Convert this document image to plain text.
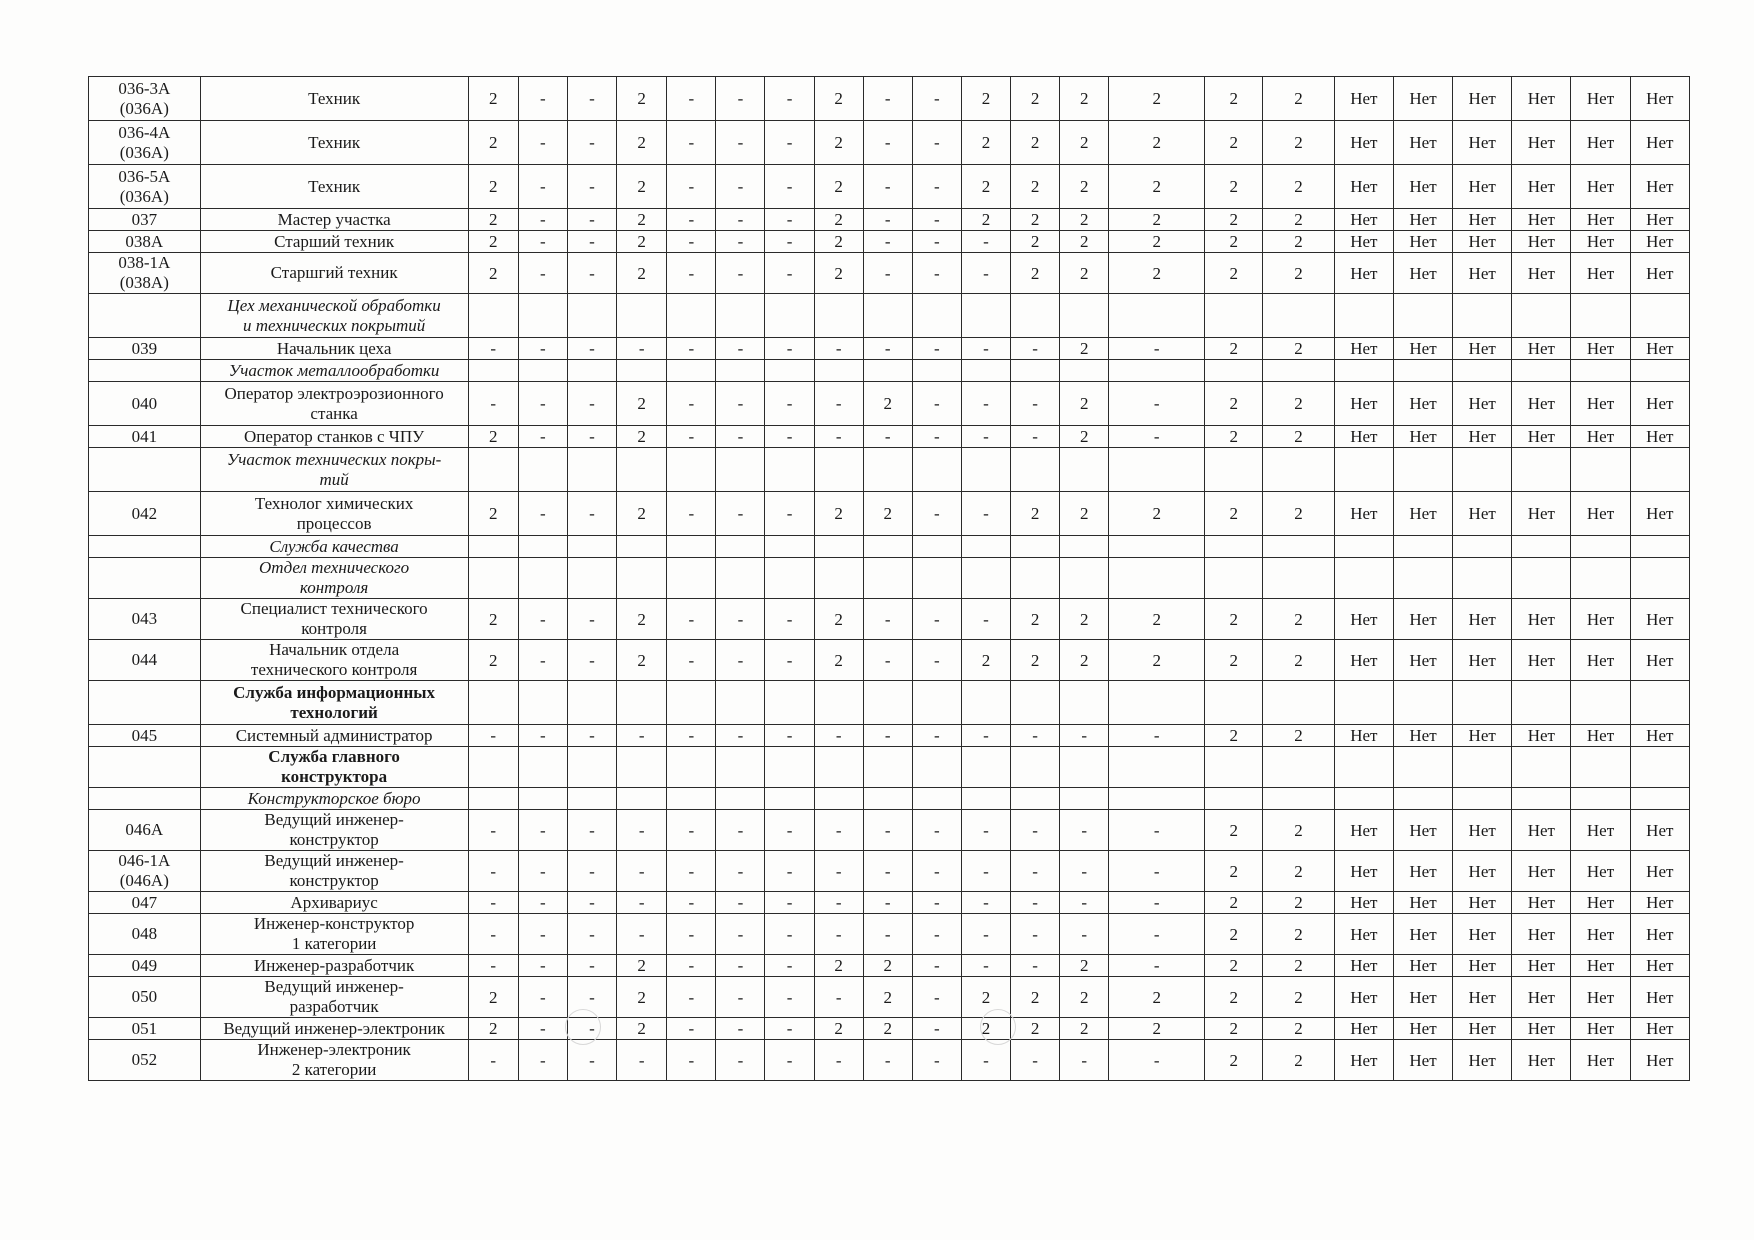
036-3А
(036А)	Техник	2	-	-	2	-	-	-	2	-	-	2	2	2	2	2	2	Нет	Нет	Нет	Нет	Нет	Нет
036-4А
(036А)	Техник	2	-	-	2	-	-	-	2	-	-	2	2	2	2	2	2	Нет	Нет	Нет	Нет	Нет	Нет
036-5А
(036А)	Техник	2	-	-	2	-	-	-	2	-	-	2	2	2	2	2	2	Нет	Нет	Нет	Нет	Нет	Нет
037	Мастер участка	2	-	-	2	-	-	-	2	-	-	2	2	2	2	2	2	Нет	Нет	Нет	Нет	Нет	Нет
038А	Старший техник	2	-	-	2	-	-	-	2	-	-	-	2	2	2	2	2	Нет	Нет	Нет	Нет	Нет	Нет
038-1А
(038А)	Старшгий техник	2	-	-	2	-	-	-	2	-	-	-	2	2	2	2	2	Нет	Нет	Нет	Нет	Нет	Нет
	Цех механической обработки
и технических покрытий																						
039	Начальник цеха	-	-	-	-	-	-	-	-	-	-	-	-	2	-	2	2	Нет	Нет	Нет	Нет	Нет	Нет
	Участок металлообработки																						
040	Оператор электроэрозионного
станка	-	-	-	2	-	-	-	-	2	-	-	-	2	-	2	2	Нет	Нет	Нет	Нет	Нет	Нет
041	Оператор станков с ЧПУ	2	-	-	2	-	-	-	-	-	-	-	-	2	-	2	2	Нет	Нет	Нет	Нет	Нет	Нет
	Участок технических покры-
тий																						
042	Технолог химических
процессов	2	-	-	2	-	-	-	2	2	-	-	2	2	2	2	2	Нет	Нет	Нет	Нет	Нет	Нет
	Служба качества																						
	Отдел технического
контроля																						
043	Специалист технического
контроля	2	-	-	2	-	-	-	2	-	-	-	2	2	2	2	2	Нет	Нет	Нет	Нет	Нет	Нет
044	Начальник отдела
технического контроля	2	-	-	2	-	-	-	2	-	-	2	2	2	2	2	2	Нет	Нет	Нет	Нет	Нет	Нет
	Служба информационных
технологий																						
045	Системный администратор	-	-	-	-	-	-	-	-	-	-	-	-	-	-	2	2	Нет	Нет	Нет	Нет	Нет	Нет
	Служба главного
конструктора																						
	Конструкторское бюро																						
046А	Ведущий инженер-
конструктор	-	-	-	-	-	-	-	-	-	-	-	-	-	-	2	2	Нет	Нет	Нет	Нет	Нет	Нет
046-1А
(046А)	Ведущий инженер-
конструктор	-	-	-	-	-	-	-	-	-	-	-	-	-	-	2	2	Нет	Нет	Нет	Нет	Нет	Нет
047	Архивариус	-	-	-	-	-	-	-	-	-	-	-	-	-	-	2	2	Нет	Нет	Нет	Нет	Нет	Нет
048	Инженер-конструктор
1 категории	-	-	-	-	-	-	-	-	-	-	-	-	-	-	2	2	Нет	Нет	Нет	Нет	Нет	Нет
049	Инженер-разработчик	-	-	-	2	-	-	-	2	2	-	-	-	2	-	2	2	Нет	Нет	Нет	Нет	Нет	Нет
050	Ведущий инженер-
разработчик	2	-	-	2	-	-	-	-	2	-	2	2	2	2	2	2	Нет	Нет	Нет	Нет	Нет	Нет
051	Ведущий инженер-электроник	2	-	-	2	-	-	-	2	2	-	2	2	2	2	2	2	Нет	Нет	Нет	Нет	Нет	Нет
052	Инженер-электроник
2 категории	-	-	-	-	-	-	-	-	-	-	-	-	-	-	2	2	Нет	Нет	Нет	Нет	Нет	Нет
